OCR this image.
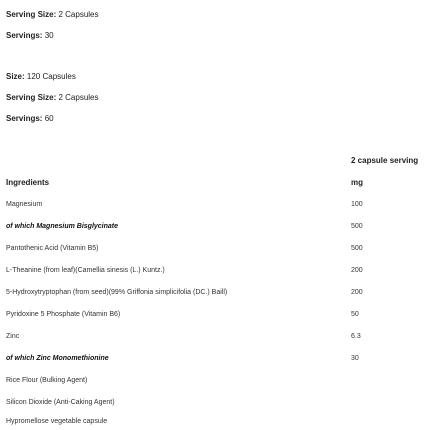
Serving Size: 2 Capsules
Servings: 30
Size: 120 Capsules
Serving Size: 2 Capsules
Servings: 60
2 capsule serving
Ingredients	mg
Magnesium	100
of which Magnesium Bisglycinate	500
Pantothenic Acid (Vitamin B5)	500
L-Theanine (from leaf)(Camellia sinesis (L.) Kuntz.)	200
5-Hydroxytryptophan (from seed)(99% Griffonia simplicifolia (DC.) Baill)	200
Pyridoxine 5 Phosphate (Vitamin B6)	50
Zinc	6.3
of which Zinc Monomethionine	30
Rice Flour (Bulking Agent)
Silicon Dioxide (Anti-Caking Agent)
Hypromellose vegetable capsule
